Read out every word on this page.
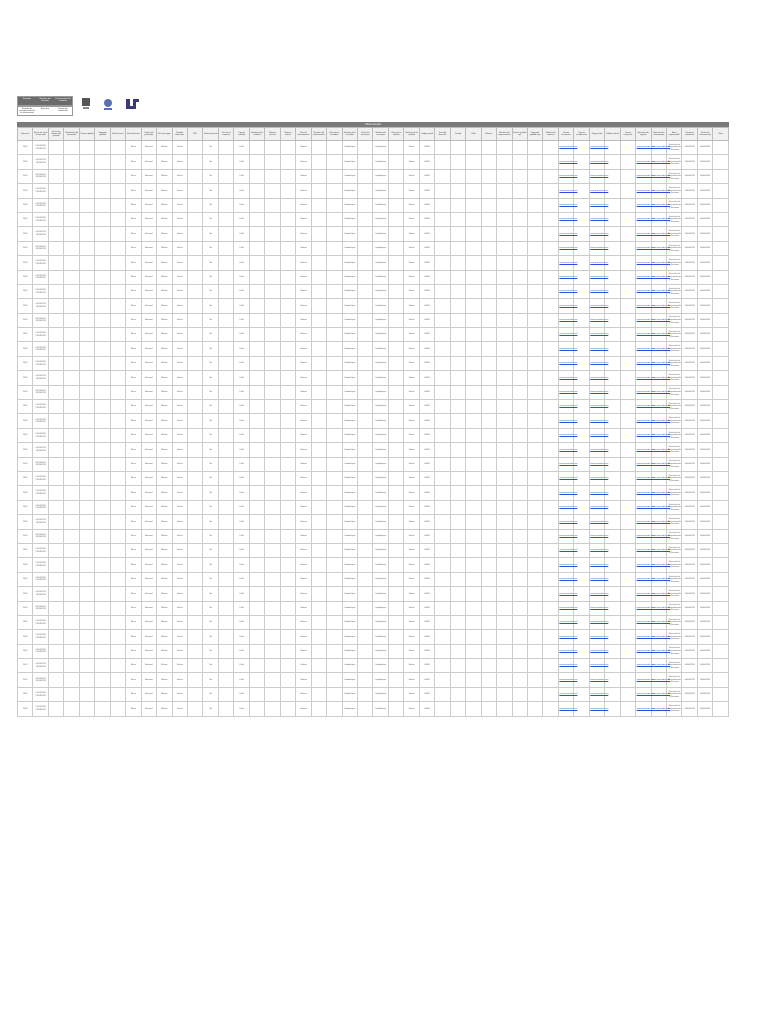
Formato	Nombre del formato
Descripción del formato
Periodo de actualización de la información
Ejercicio	Fecha de validación
Tabla Campos
Ejercicio	Fecha de inicio del periodo	Fecha de término del periodo	Nombre(s) del proveedor	Primer apellido	Segundo apellido	Razón social	Estratificación	Origen del proveedor	País de origen	Entidad federativa	RFC	Subcontratación	Giro de la empresa	Tipo de vialidad	Nombre de la vialidad	Número exterior	Número interior	Tipo de asentamiento	Nombre del asentamiento	Clave de la localidad	Nombre de la localidad	Clave del municipio	Nombre del municipio	Clave de la entidad	Nombre de la entidad	Código postal	País del domicilio	Ciudad	Calle	Número	Nombre del representante	Primer apellido rep.	Segundo apellido rep.	Teléfono de contacto	Correo electrónico	Tipo de acreditación	Página web	Teléfono oficial	Correo comercial	Hipervínculo registro	Hipervínculo sancionados	Área responsable	Fecha de validación	Fecha de actualización	Nota
2019	01/01/2019 31/03/2019						Micro	Nacional	México	Jalisco		No		Calle				Colonia			Guadalajara		Guadalajara		Jalisco	44100									www.proveedor.com		www.proveedor.com			www.proveedor.com	www.proveedor.com	Dirección de Administración y Finanzas	04/04/2019	04/04/2019	
2019	01/01/2019 31/03/2019						Micro	Nacional	México	Jalisco		No		Calle				Colonia			Guadalajara		Guadalajara		Jalisco	44100									www.proveedor.com		www.proveedor.com			www.proveedor.com	www.proveedor.com	Dirección de Administración y Finanzas	04/04/2019	04/04/2019	
2019	01/01/2019 31/03/2019						Micro	Nacional	México	Jalisco		No		Calle				Colonia			Guadalajara		Guadalajara		Jalisco	44100									www.proveedor.com		www.proveedor.com			www.proveedor.com	www.proveedor.com	Dirección de Administración y Finanzas	04/04/2019	04/04/2019	
2019	01/01/2019 31/03/2019						Micro	Nacional	México	Jalisco		No		Calle				Colonia			Guadalajara		Guadalajara		Jalisco	44100									www.proveedor.com		www.proveedor.com			www.proveedor.com	www.proveedor.com	Dirección de Administración y Finanzas	04/04/2019	04/04/2019	
2019	01/01/2019 31/03/2019						Micro	Nacional	México	Jalisco		No		Calle				Colonia			Guadalajara		Guadalajara		Jalisco	44100									www.proveedor.com		www.proveedor.com			www.proveedor.com	www.proveedor.com	Dirección de Administración y Finanzas	04/04/2019	04/04/2019	
2019	01/01/2019 31/03/2019						Micro	Nacional	México	Jalisco		No		Calle				Colonia			Guadalajara		Guadalajara		Jalisco	44100									www.proveedor.com		www.proveedor.com			www.proveedor.com	www.proveedor.com	Dirección de Administración y Finanzas	04/04/2019	04/04/2019	
2019	01/01/2019 31/03/2019						Micro	Nacional	México	Jalisco		No		Calle				Colonia			Guadalajara		Guadalajara		Jalisco	44100									www.proveedor.com		www.proveedor.com			www.proveedor.com	www.proveedor.com	Dirección de Administración y Finanzas	04/04/2019	04/04/2019	
2019	01/01/2019 31/03/2019						Micro	Nacional	México	Jalisco		No		Calle				Colonia			Guadalajara		Guadalajara		Jalisco	44100									www.proveedor.com		www.proveedor.com			www.proveedor.com	www.proveedor.com	Dirección de Administración y Finanzas	04/04/2019	04/04/2019	
2019	01/01/2019 31/03/2019						Micro	Nacional	México	Jalisco		No		Calle				Colonia			Guadalajara		Guadalajara		Jalisco	44100									www.proveedor.com		www.proveedor.com			www.proveedor.com	www.proveedor.com	Dirección de Administración y Finanzas	04/04/2019	04/04/2019	
2019	01/01/2019 31/03/2019						Micro	Nacional	México	Jalisco		No		Calle				Colonia			Guadalajara		Guadalajara		Jalisco	44100									www.proveedor.com		www.proveedor.com			www.proveedor.com	www.proveedor.com	Dirección de Administración y Finanzas	04/04/2019	04/04/2019	
2019	01/01/2019 31/03/2019						Micro	Nacional	México	Jalisco		No		Calle				Colonia			Guadalajara		Guadalajara		Jalisco	44100									www.proveedor.com		www.proveedor.com			www.proveedor.com	www.proveedor.com	Dirección de Administración y Finanzas	04/04/2019	04/04/2019	
2019	01/01/2019 31/03/2019						Micro	Nacional	México	Jalisco		No		Calle				Colonia			Guadalajara		Guadalajara		Jalisco	44100									www.proveedor.com		www.proveedor.com			www.proveedor.com	www.proveedor.com	Dirección de Administración y Finanzas	04/04/2019	04/04/2019	
2019	01/01/2019 31/03/2019						Micro	Nacional	México	Jalisco		No		Calle				Colonia			Guadalajara		Guadalajara		Jalisco	44100									www.proveedor.com		www.proveedor.com			www.proveedor.com	www.proveedor.com	Dirección de Administración y Finanzas	04/04/2019	04/04/2019	
2019	01/01/2019 31/03/2019						Micro	Nacional	México	Jalisco		No		Calle				Colonia			Guadalajara		Guadalajara		Jalisco	44100									www.proveedor.com		www.proveedor.com			www.proveedor.com	www.proveedor.com	Dirección de Administración y Finanzas	04/04/2019	04/04/2019	
2019	01/01/2019 31/03/2019						Micro	Nacional	México	Jalisco		No		Calle				Colonia			Guadalajara		Guadalajara		Jalisco	44100									www.proveedor.com		www.proveedor.com			www.proveedor.com	www.proveedor.com	Dirección de Administración y Finanzas	04/04/2019	04/04/2019	
2019	01/01/2019 31/03/2019						Micro	Nacional	México	Jalisco		No		Calle				Colonia			Guadalajara		Guadalajara		Jalisco	44100									www.proveedor.com		www.proveedor.com			www.proveedor.com	www.proveedor.com	Dirección de Administración y Finanzas	04/04/2019	04/04/2019	
2019	01/01/2019 31/03/2019						Micro	Nacional	México	Jalisco		No		Calle				Colonia			Guadalajara		Guadalajara		Jalisco	44100									www.proveedor.com		www.proveedor.com			www.proveedor.com	www.proveedor.com	Dirección de Administración y Finanzas	04/04/2019	04/04/2019	
2019	01/01/2019 31/03/2019						Micro	Nacional	México	Jalisco		No		Calle				Colonia			Guadalajara		Guadalajara		Jalisco	44100									www.proveedor.com		www.proveedor.com			www.proveedor.com	www.proveedor.com	Dirección de Administración y Finanzas	04/04/2019	04/04/2019	
2019	01/01/2019 31/03/2019						Micro	Nacional	México	Jalisco		No		Calle				Colonia			Guadalajara		Guadalajara		Jalisco	44100									www.proveedor.com		www.proveedor.com			www.proveedor.com	www.proveedor.com	Dirección de Administración y Finanzas	04/04/2019	04/04/2019	
2019	01/01/2019 31/03/2019						Micro	Nacional	México	Jalisco		No		Calle				Colonia			Guadalajara		Guadalajara		Jalisco	44100									www.proveedor.com		www.proveedor.com			www.proveedor.com	www.proveedor.com	Dirección de Administración y Finanzas	04/04/2019	04/04/2019	
2019	01/01/2019 31/03/2019						Micro	Nacional	México	Jalisco		No		Calle				Colonia			Guadalajara		Guadalajara		Jalisco	44100									www.proveedor.com		www.proveedor.com			www.proveedor.com	www.proveedor.com	Dirección de Administración y Finanzas	04/04/2019	04/04/2019	
2019	01/01/2019 31/03/2019						Micro	Nacional	México	Jalisco		No		Calle				Colonia			Guadalajara		Guadalajara		Jalisco	44100									www.proveedor.com		www.proveedor.com			www.proveedor.com	www.proveedor.com	Dirección de Administración y Finanzas	04/04/2019	04/04/2019	
2019	01/01/2019 31/03/2019						Micro	Nacional	México	Jalisco		No		Calle				Colonia			Guadalajara		Guadalajara		Jalisco	44100									www.proveedor.com		www.proveedor.com			www.proveedor.com	www.proveedor.com	Dirección de Administración y Finanzas	04/04/2019	04/04/2019	
2019	01/01/2019 31/03/2019						Micro	Nacional	México	Jalisco		No		Calle				Colonia			Guadalajara		Guadalajara		Jalisco	44100									www.proveedor.com		www.proveedor.com			www.proveedor.com	www.proveedor.com	Dirección de Administración y Finanzas	04/04/2019	04/04/2019	
2019	01/01/2019 31/03/2019						Micro	Nacional	México	Jalisco		No		Calle				Colonia			Guadalajara		Guadalajara		Jalisco	44100									www.proveedor.com		www.proveedor.com			www.proveedor.com	www.proveedor.com	Dirección de Administración y Finanzas	04/04/2019	04/04/2019	
2019	01/01/2019 31/03/2019						Micro	Nacional	México	Jalisco		No		Calle				Colonia			Guadalajara		Guadalajara		Jalisco	44100									www.proveedor.com		www.proveedor.com			www.proveedor.com	www.proveedor.com	Dirección de Administración y Finanzas	04/04/2019	04/04/2019	
2019	01/01/2019 31/03/2019						Micro	Nacional	México	Jalisco		No		Calle				Colonia			Guadalajara		Guadalajara		Jalisco	44100									www.proveedor.com		www.proveedor.com			www.proveedor.com	www.proveedor.com	Dirección de Administración y Finanzas	04/04/2019	04/04/2019	
2019	01/01/2019 31/03/2019						Micro	Nacional	México	Jalisco		No		Calle				Colonia			Guadalajara		Guadalajara		Jalisco	44100									www.proveedor.com		www.proveedor.com			www.proveedor.com	www.proveedor.com	Dirección de Administración y Finanzas	04/04/2019	04/04/2019	
2019	01/01/2019 31/03/2019						Micro	Nacional	México	Jalisco		No		Calle				Colonia			Guadalajara		Guadalajara		Jalisco	44100									www.proveedor.com		www.proveedor.com			www.proveedor.com	www.proveedor.com	Dirección de Administración y Finanzas	04/04/2019	04/04/2019	
2019	01/01/2019 31/03/2019						Micro	Nacional	México	Jalisco		No		Calle				Colonia			Guadalajara		Guadalajara		Jalisco	44100									www.proveedor.com		www.proveedor.com			www.proveedor.com	www.proveedor.com	Dirección de Administración y Finanzas	04/04/2019	04/04/2019	
2019	01/01/2019 31/03/2019						Micro	Nacional	México	Jalisco		No		Calle				Colonia			Guadalajara		Guadalajara		Jalisco	44100									www.proveedor.com		www.proveedor.com			www.proveedor.com	www.proveedor.com	Dirección de Administración y Finanzas	04/04/2019	04/04/2019	
2019	01/01/2019 31/03/2019						Micro	Nacional	México	Jalisco		No		Calle				Colonia			Guadalajara		Guadalajara		Jalisco	44100									www.proveedor.com		www.proveedor.com			www.proveedor.com	www.proveedor.com	Dirección de Administración y Finanzas	04/04/2019	04/04/2019	
2019	01/01/2019 31/03/2019						Micro	Nacional	México	Jalisco		No		Calle				Colonia			Guadalajara		Guadalajara		Jalisco	44100									www.proveedor.com		www.proveedor.com			www.proveedor.com	www.proveedor.com	Dirección de Administración y Finanzas	04/04/2019	04/04/2019	
2019	01/01/2019 31/03/2019						Micro	Nacional	México	Jalisco		No		Calle				Colonia			Guadalajara		Guadalajara		Jalisco	44100									www.proveedor.com		www.proveedor.com			www.proveedor.com	www.proveedor.com	Dirección de Administración y Finanzas	04/04/2019	04/04/2019	
2019	01/01/2019 31/03/2019						Micro	Nacional	México	Jalisco		No		Calle				Colonia			Guadalajara		Guadalajara		Jalisco	44100									www.proveedor.com		www.proveedor.com			www.proveedor.com	www.proveedor.com	Dirección de Administración y Finanzas	04/04/2019	04/04/2019	
2019	01/01/2019 31/03/2019						Micro	Nacional	México	Jalisco		No		Calle				Colonia			Guadalajara		Guadalajara		Jalisco	44100									www.proveedor.com		www.proveedor.com			www.proveedor.com	www.proveedor.com	Dirección de Administración y Finanzas	04/04/2019	04/04/2019	
2019	01/01/2019 31/03/2019						Micro	Nacional	México	Jalisco		No		Calle				Colonia			Guadalajara		Guadalajara		Jalisco	44100									www.proveedor.com		www.proveedor.com			www.proveedor.com	www.proveedor.com	Dirección de Administración y Finanzas	04/04/2019	04/04/2019	
2019	01/01/2019 31/03/2019						Micro	Nacional	México	Jalisco		No		Calle				Colonia			Guadalajara		Guadalajara		Jalisco	44100									www.proveedor.com		www.proveedor.com			www.proveedor.com	www.proveedor.com	Dirección de Administración y Finanzas	04/04/2019	04/04/2019	
2019	01/01/2019 31/03/2019						Micro	Nacional	México	Jalisco		No		Calle				Colonia			Guadalajara		Guadalajara		Jalisco	44100									www.proveedor.com		www.proveedor.com			www.proveedor.com	www.proveedor.com	Dirección de Administración y Finanzas	04/04/2019	04/04/2019	
2019	01/01/2019 31/03/2019						Micro	Nacional	México	Jalisco		No		Calle				Colonia			Guadalajara		Guadalajara		Jalisco	44100									www.proveedor.com		www.proveedor.com			www.proveedor.com	www.proveedor.com	Dirección de Administración y Finanzas	04/04/2019	04/04/2019	
